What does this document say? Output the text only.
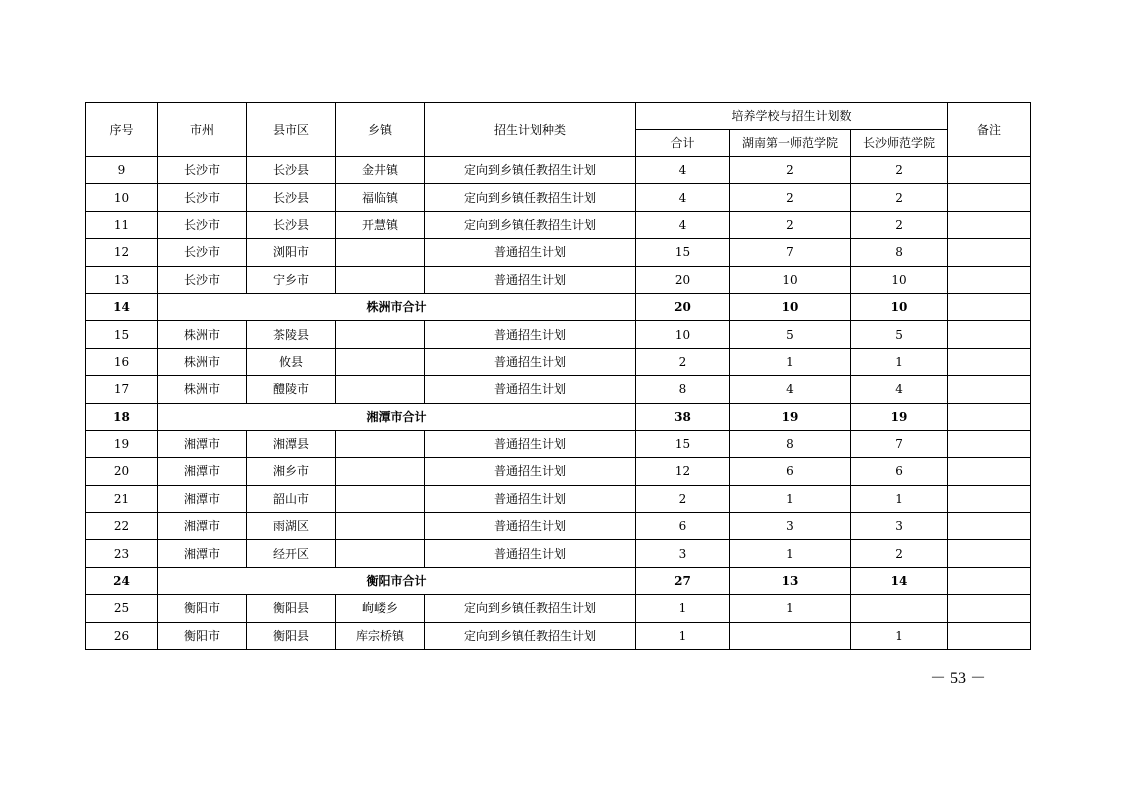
序号	市州	县市区	乡镇	招生计划种类	培养学校与招生计划数			备注
					合计	湖南第一师范学院	长沙师范学院	
9	长沙市	长沙县	金井镇	定向到乡镇任教招生计划	4	2	2	
10	长沙市	长沙县	福临镇	定向到乡镇任教招生计划	4	2	2	
11	长沙市	长沙县	开慧镇	定向到乡镇任教招生计划	4	2	2	
12	长沙市	浏阳市		普通招生计划	15	7	8	
13	长沙市	宁乡市		普通招生计划	20	10	10	
14	株洲市合计				20	10	10	
15	株洲市	茶陵县		普通招生计划	10	5	5	
16	株洲市	攸县		普通招生计划	2	1	1	
17	株洲市	醴陵市		普通招生计划	8	4	4	
18	湘潭市合计				38	19	19	
19	湘潭市	湘潭县		普通招生计划	15	8	7	
20	湘潭市	湘乡市		普通招生计划	12	6	6	
21	湘潭市	韶山市		普通招生计划	2	1	1	
22	湘潭市	雨湖区		普通招生计划	6	3	3	
23	湘潭市	经开区		普通招生计划	3	1	2	
24	衡阳市合计				27	13	14	
25	衡阳市	衡阳县	岣嵝乡	定向到乡镇任教招生计划	1	1		
26	衡阳市	衡阳县	库宗桥镇	定向到乡镇任教招生计划	1		1	
－ 53 －
